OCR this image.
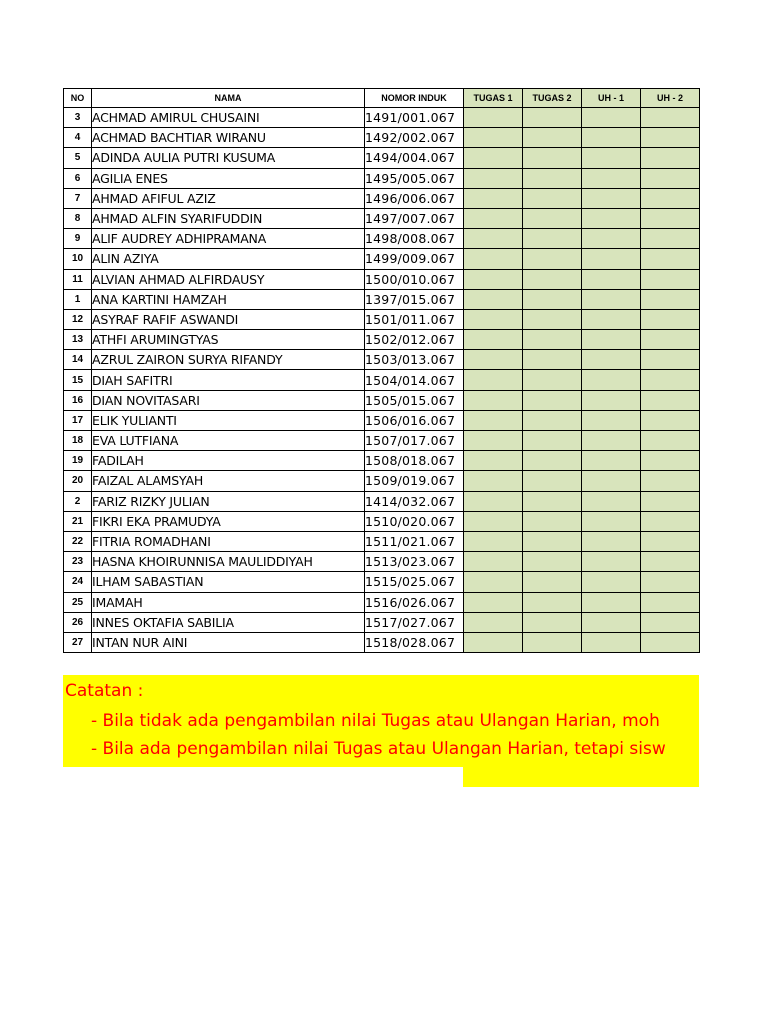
NO	NAMA	NOMOR INDUK	TUGAS 1	TUGAS 2	UH - 1	UH - 2
3	ACHMAD AMIRUL CHUSAINI	1491/001.067				
4	ACHMAD BACHTIAR WIRANU	1492/002.067				
5	ADINDA AULIA PUTRI KUSUMA	1494/004.067				
6	AGILIA ENES	1495/005.067				
7	AHMAD AFIFUL AZIZ	1496/006.067				
8	AHMAD ALFIN SYARIFUDDIN	1497/007.067				
9	ALIF AUDREY ADHIPRAMANA	1498/008.067				
10	ALIN AZIYA	1499/009.067				
11	ALVIAN AHMAD ALFIRDAUSY	1500/010.067				
1	ANA KARTINI HAMZAH	1397/015.067				
12	ASYRAF RAFIF ASWANDI	1501/011.067				
13	ATHFI ARUMINGTYAS	1502/012.067				
14	AZRUL ZAIRON SURYA RIFANDY	1503/013.067				
15	DIAH SAFITRI	1504/014.067				
16	DIAN NOVITASARI	1505/015.067				
17	ELIK YULIANTI	1506/016.067				
18	EVA LUTFIANA	1507/017.067				
19	FADILAH	1508/018.067				
20	FAIZAL ALAMSYAH	1509/019.067				
2	FARIZ RIZKY JULIAN	1414/032.067				
21	FIKRI EKA PRAMUDYA	1510/020.067				
22	FITRIA ROMADHANI	1511/021.067				
23	HASNA KHOIRUNNISA MAULIDDIYAH	1513/023.067				
24	ILHAM SABASTIAN	1515/025.067				
25	IMAMAH	1516/026.067				
26	INNES OKTAFIA SABILIA	1517/027.067				
27	INTAN NUR AINI	1518/028.067				
Catatan :
- Bila tidak ada pengambilan nilai Tugas atau Ulangan Harian, moh
- Bila ada pengambilan nilai Tugas atau Ulangan Harian, tetapi sisw
